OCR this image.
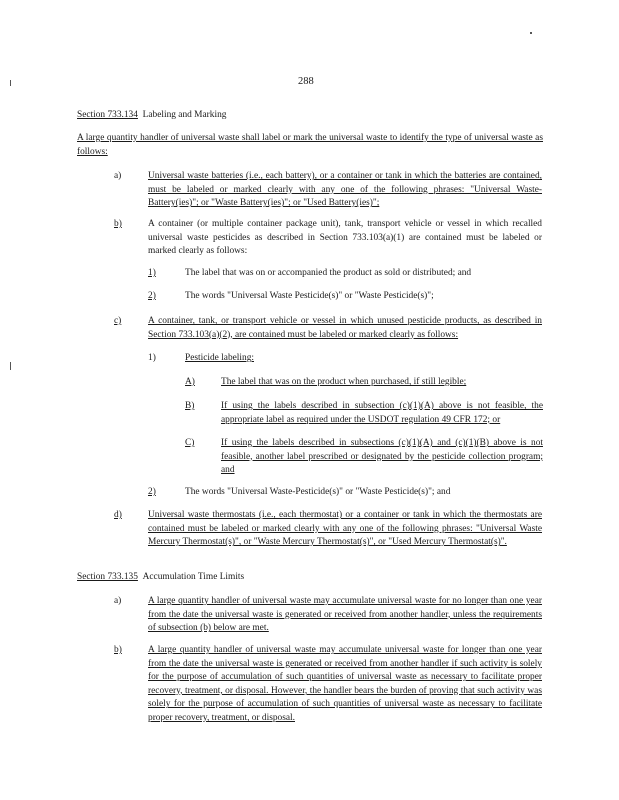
288
Section 733.134 Labeling and Marking
A large quantity handler of universal waste shall label or mark the universal waste to identify the type of universal waste as follows:
a)	Universal waste batteries (i.e., each battery), or a container or tank in which the batteries are contained, must be labeled or marked clearly with any one of the following phrases: "Universal Waste-Battery(ies)"; or "Waste Battery(ies)"; or "Used Battery(ies)";
b)	A container (or multiple container package unit), tank, transport vehicle or vessel in which recalled universal waste pesticides as described in Section 733.103(a)(1) are contained must be labeled or marked clearly as follows:
1)	The label that was on or accompanied the product as sold or distributed; and
2)	The words "Universal Waste Pesticide(s)" or "Waste Pesticide(s)";
c)	A container, tank, or transport vehicle or vessel in which unused pesticide products, as described in Section 733.103(a)(2), are contained must be labeled or marked clearly as follows:
1)	Pesticide labeling:
A)	The label that was on the product when purchased, if still legible;
B)	If using the labels described in subsection (c)(1)(A) above is not feasible, the appropriate label as required under the USDOT regulation 49 CFR 172; or
C)	If using the labels described in subsections (c)(1)(A) and (c)(1)(B) above is not feasible, another label prescribed or designated by the pesticide collection program; and
2)	The words "Universal Waste-Pesticide(s)" or "Waste Pesticide(s)"; and
d)	Universal waste thermostats (i.e., each thermostat) or a container or tank in which the thermostats are contained must be labeled or marked clearly with any one of the following phrases: "Universal Waste Mercury Thermostat(s)", or "Waste Mercury Thermostat(s)", or "Used Mercury Thermostat(s)".
Section 733.135 Accumulation Time Limits
a)	A large quantity handler of universal waste may accumulate universal waste for no longer than one year from the date the universal waste is generated or received from another handler, unless the requirements of subsection (b) below are met.
b)	A large quantity handler of universal waste may accumulate universal waste for longer than one year from the date the universal waste is generated or received from another handler if such activity is solely for the purpose of accumulation of such quantities of universal waste as necessary to facilitate proper recovery, treatment, or disposal. However, the handler bears the burden of proving that such activity was solely for the purpose of accumulation of such quantities of universal waste as necessary to facilitate proper recovery, treatment, or disposal.
